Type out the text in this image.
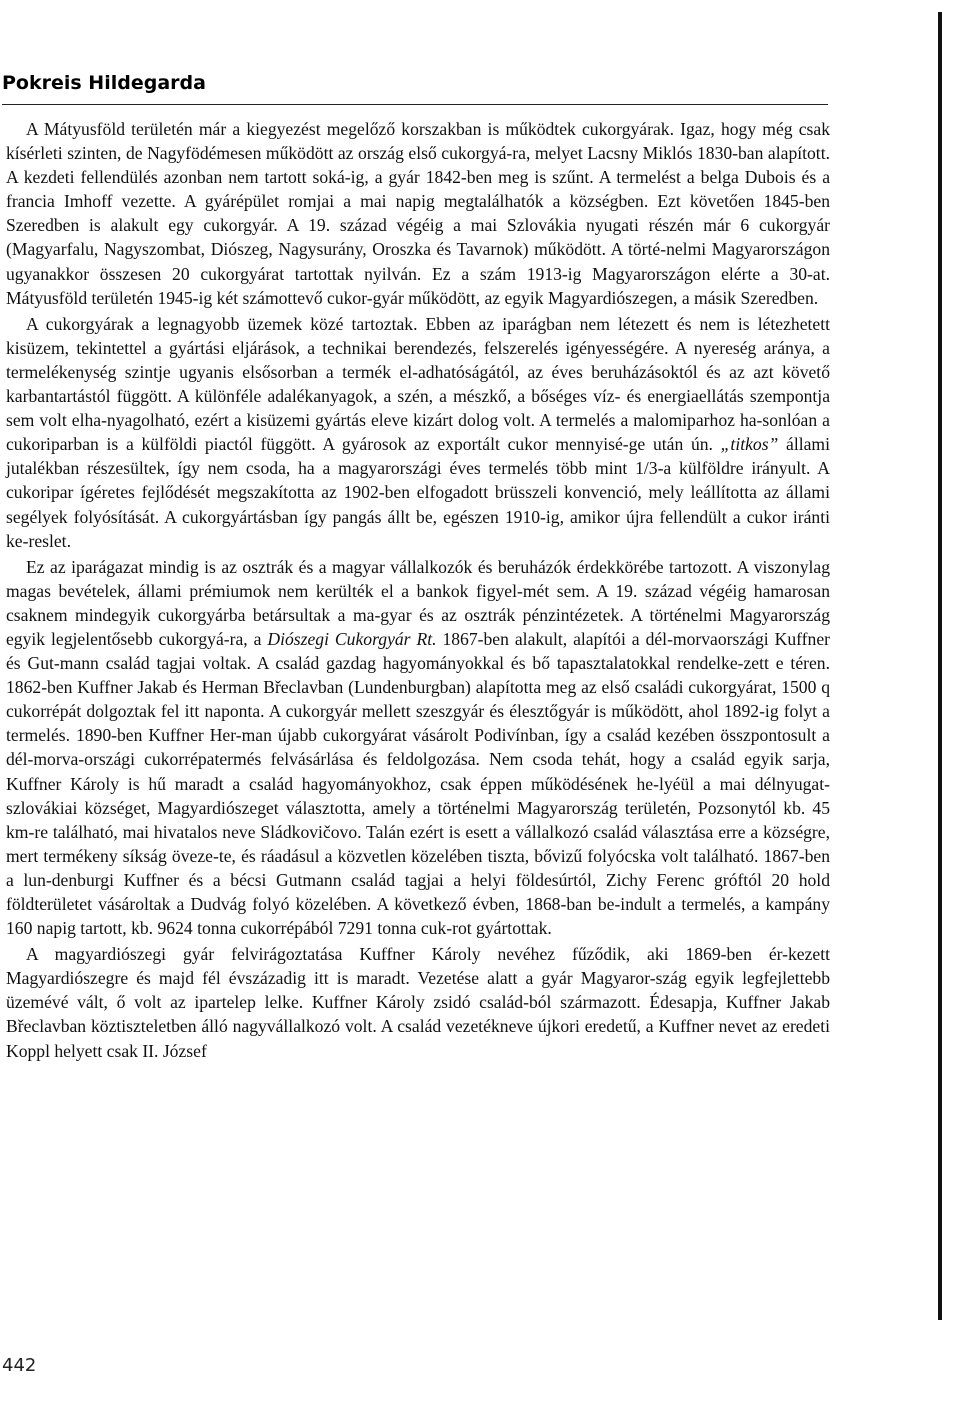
Pokreis Hildegarda

A Mátyusföld területén már a kiegyezést megelőző korszakban is működtek cukorgyárak. Igaz, hogy még csak kísérleti szinten, de Nagyfödémesen működött az ország első cukorgyá-ra, melyet Lacsny Miklós 1830-ban alapított. A kezdeti fellendülés azonban nem tartott soká-ig, a gyár 1842-ben meg is szűnt. A termelést a belga Dubois és a francia Imhoff vezette. A gyárépület romjai a mai napig megtalálhatók a községben. Ezt követően 1845-ben Szeredben is alakult egy cukorgyár. A 19. század végéig a mai Szlovákia nyugati részén már 6 cukorgyár (Magyarfalu, Nagyszombat, Diószeg, Nagysurány, Oroszka és Tavarnok) működött. A törté-nelmi Magyarországon ugyanakkor összesen 20 cukorgyárat tartottak nyilván. Ez a szám 1913-ig Magyarországon elérte a 30-at. Mátyusföld területén 1945-ig két számottevő cukor-gyár működött, az egyik Magyardiószegen, a másik Szeredben.

A cukorgyárak a legnagyobb üzemek közé tartoztak. Ebben az iparágban nem létezett és nem is létezhetett kisüzem, tekintettel a gyártási eljárások, a technikai berendezés, felszerelés igényességére. A nyereség aránya, a termelékenység szintje ugyanis elsősorban a termék el-adhatóságától, az éves beruházásoktól és az azt követő karbantartástól függött. A különféle adalékanyagok, a szén, a mészkő, a bőséges víz- és energiaellátás szempontja sem volt elha-nyagolható, ezért a kisüzemi gyártás eleve kizárt dolog volt. A termelés a malomiparhoz ha-sonlóan a cukoriparban is a külföldi piactól függött. A gyárosok az exportált cukor mennyisé-ge után ún. „titkos” állami jutalékban részesültek, így nem csoda, ha a magyarországi éves termelés több mint 1/3-a külföldre irányult. A cukoripar ígéretes fejlődését megszakította az 1902-ben elfogadott brüsszeli konvenció, mely leállította az állami segélyek folyósítását. A cukorgyártásban így pangás állt be, egészen 1910-ig, amikor újra fellendült a cukor iránti ke-reslet.

Ez az iparágazat mindig is az osztrák és a magyar vállalkozók és beruházók érdekkörébe tartozott. A viszonylag magas bevételek, állami prémiumok nem kerülték el a bankok figyel-mét sem. A 19. század végéig hamarosan csaknem mindegyik cukorgyárba betársultak a ma-gyar és az osztrák pénzintézetek. A történelmi Magyarország egyik legjelentősebb cukorgyá-ra, a Diószegi Cukorgyár Rt. 1867-ben alakult, alapítói a dél-morvaországi Kuffner és Gut-mann család tagjai voltak. A család gazdag hagyományokkal és bő tapasztalatokkal rendelke-zett e téren. 1862-ben Kuffner Jakab és Herman Břeclavban (Lundenburgban) alapította meg az első családi cukorgyárat, 1500 q cukorrépát dolgoztak fel itt naponta. A cukorgyár mellett szeszgyár és élesztőgyár is működött, ahol 1892-ig folyt a termelés. 1890-ben Kuffner Her-man újabb cukorgyárat vásárolt Podivínban, így a család kezében összpontosult a dél-morva-országi cukorrépatermés felvásárlása és feldolgozása. Nem csoda tehát, hogy a család egyik sarja, Kuffner Károly is hű maradt a család hagyományokhoz, csak éppen működésének he-lyéül a mai délnyugat-szlovákiai községet, Magyardiószeget választotta, amely a történelmi Magyarország területén, Pozsonytól kb. 45 km-re található, mai hivatalos neve Sládkovičovo. Talán ezért is esett a vállalkozó család választása erre a községre, mert termékeny síkság öveze-te, és ráadásul a közvetlen közelében tiszta, bővizű folyócska volt található. 1867-ben a lun-denburgi Kuffner és a bécsi Gutmann család tagjai a helyi földesúrtól, Zichy Ferenc gróftól 20 hold földterületet vásároltak a Dudvág folyó közelében. A következő évben, 1868-ban be-indult a termelés, a kampány 160 napig tartott, kb. 9624 tonna cukorrépából 7291 tonna cuk-rot gyártottak.

A magyardiószegi gyár felvirágoztatása Kuffner Károly nevéhez fűződik, aki 1869-ben ér-kezett Magyardiószegre és majd fél évszázadig itt is maradt. Vezetése alatt a gyár Magyaror-szág egyik legfejlettebb üzemévé vált, ő volt az ipartelep lelke. Kuffner Károly zsidó család-ból származott. Édesapja, Kuffner Jakab Břeclavban köztiszteletben álló nagyvállalkozó volt. A család vezetékneve újkori eredetű, a Kuffner nevet az eredeti Koppl helyett csak II. József

442
